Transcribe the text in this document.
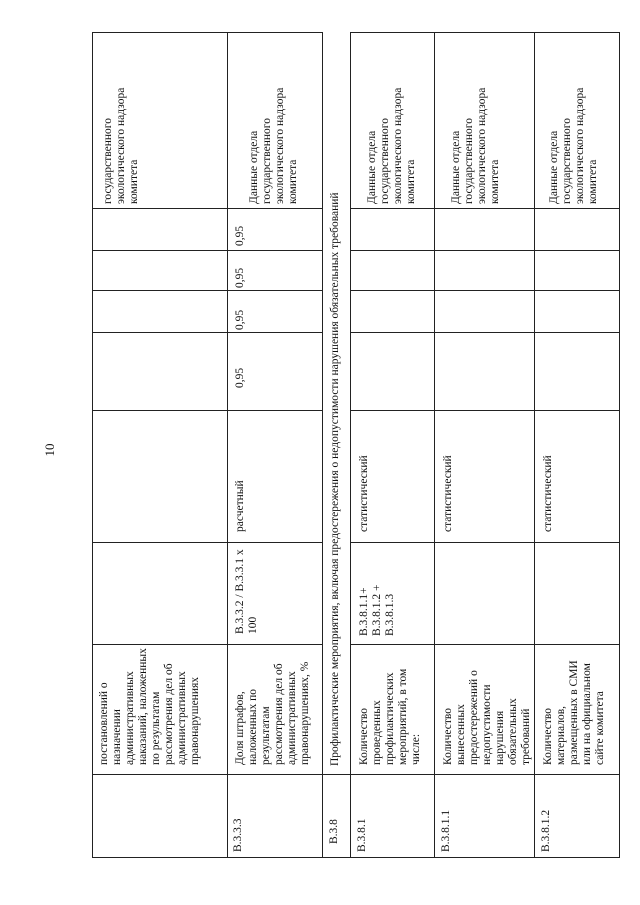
10
постановлений о назначении административных наказаний, наложенных по результатам рассмотрения дел об административных правонарушениях
государственного экологического надзора комитета
В.3.3.3
Доля штрафов, наложенных по результатам рассмотрения дел об административных правонарушениях, %
В.3.3.2 / В.3.3.1 х 100
расчетный
0,95
0,95
0,95
0,95
Данные отдела государственного экологического надзора комитета
В.3.8
Профилактические мероприятия, включая предостережения о недопустимости нарушения обязательных требований
В.3.8.1
Количество проведенных профилактических мероприятий, в том числе:
В.3.8.1.1+ В.3.8.1.2 + В.3.8.1.3
статистический
Данные отдела государственного экологического надзора комитета
В.3.8.1.1
Количество вынесенных предостережений о недопустимости нарушения обязательных требований
статистический
Данные отдела государственного экологического надзора комитета
В.3.8.1.2
Количество материалов, размещенных в СМИ или на официальном сайте комитета
статистический
Данные отдела государственного экологического надзора комитета
